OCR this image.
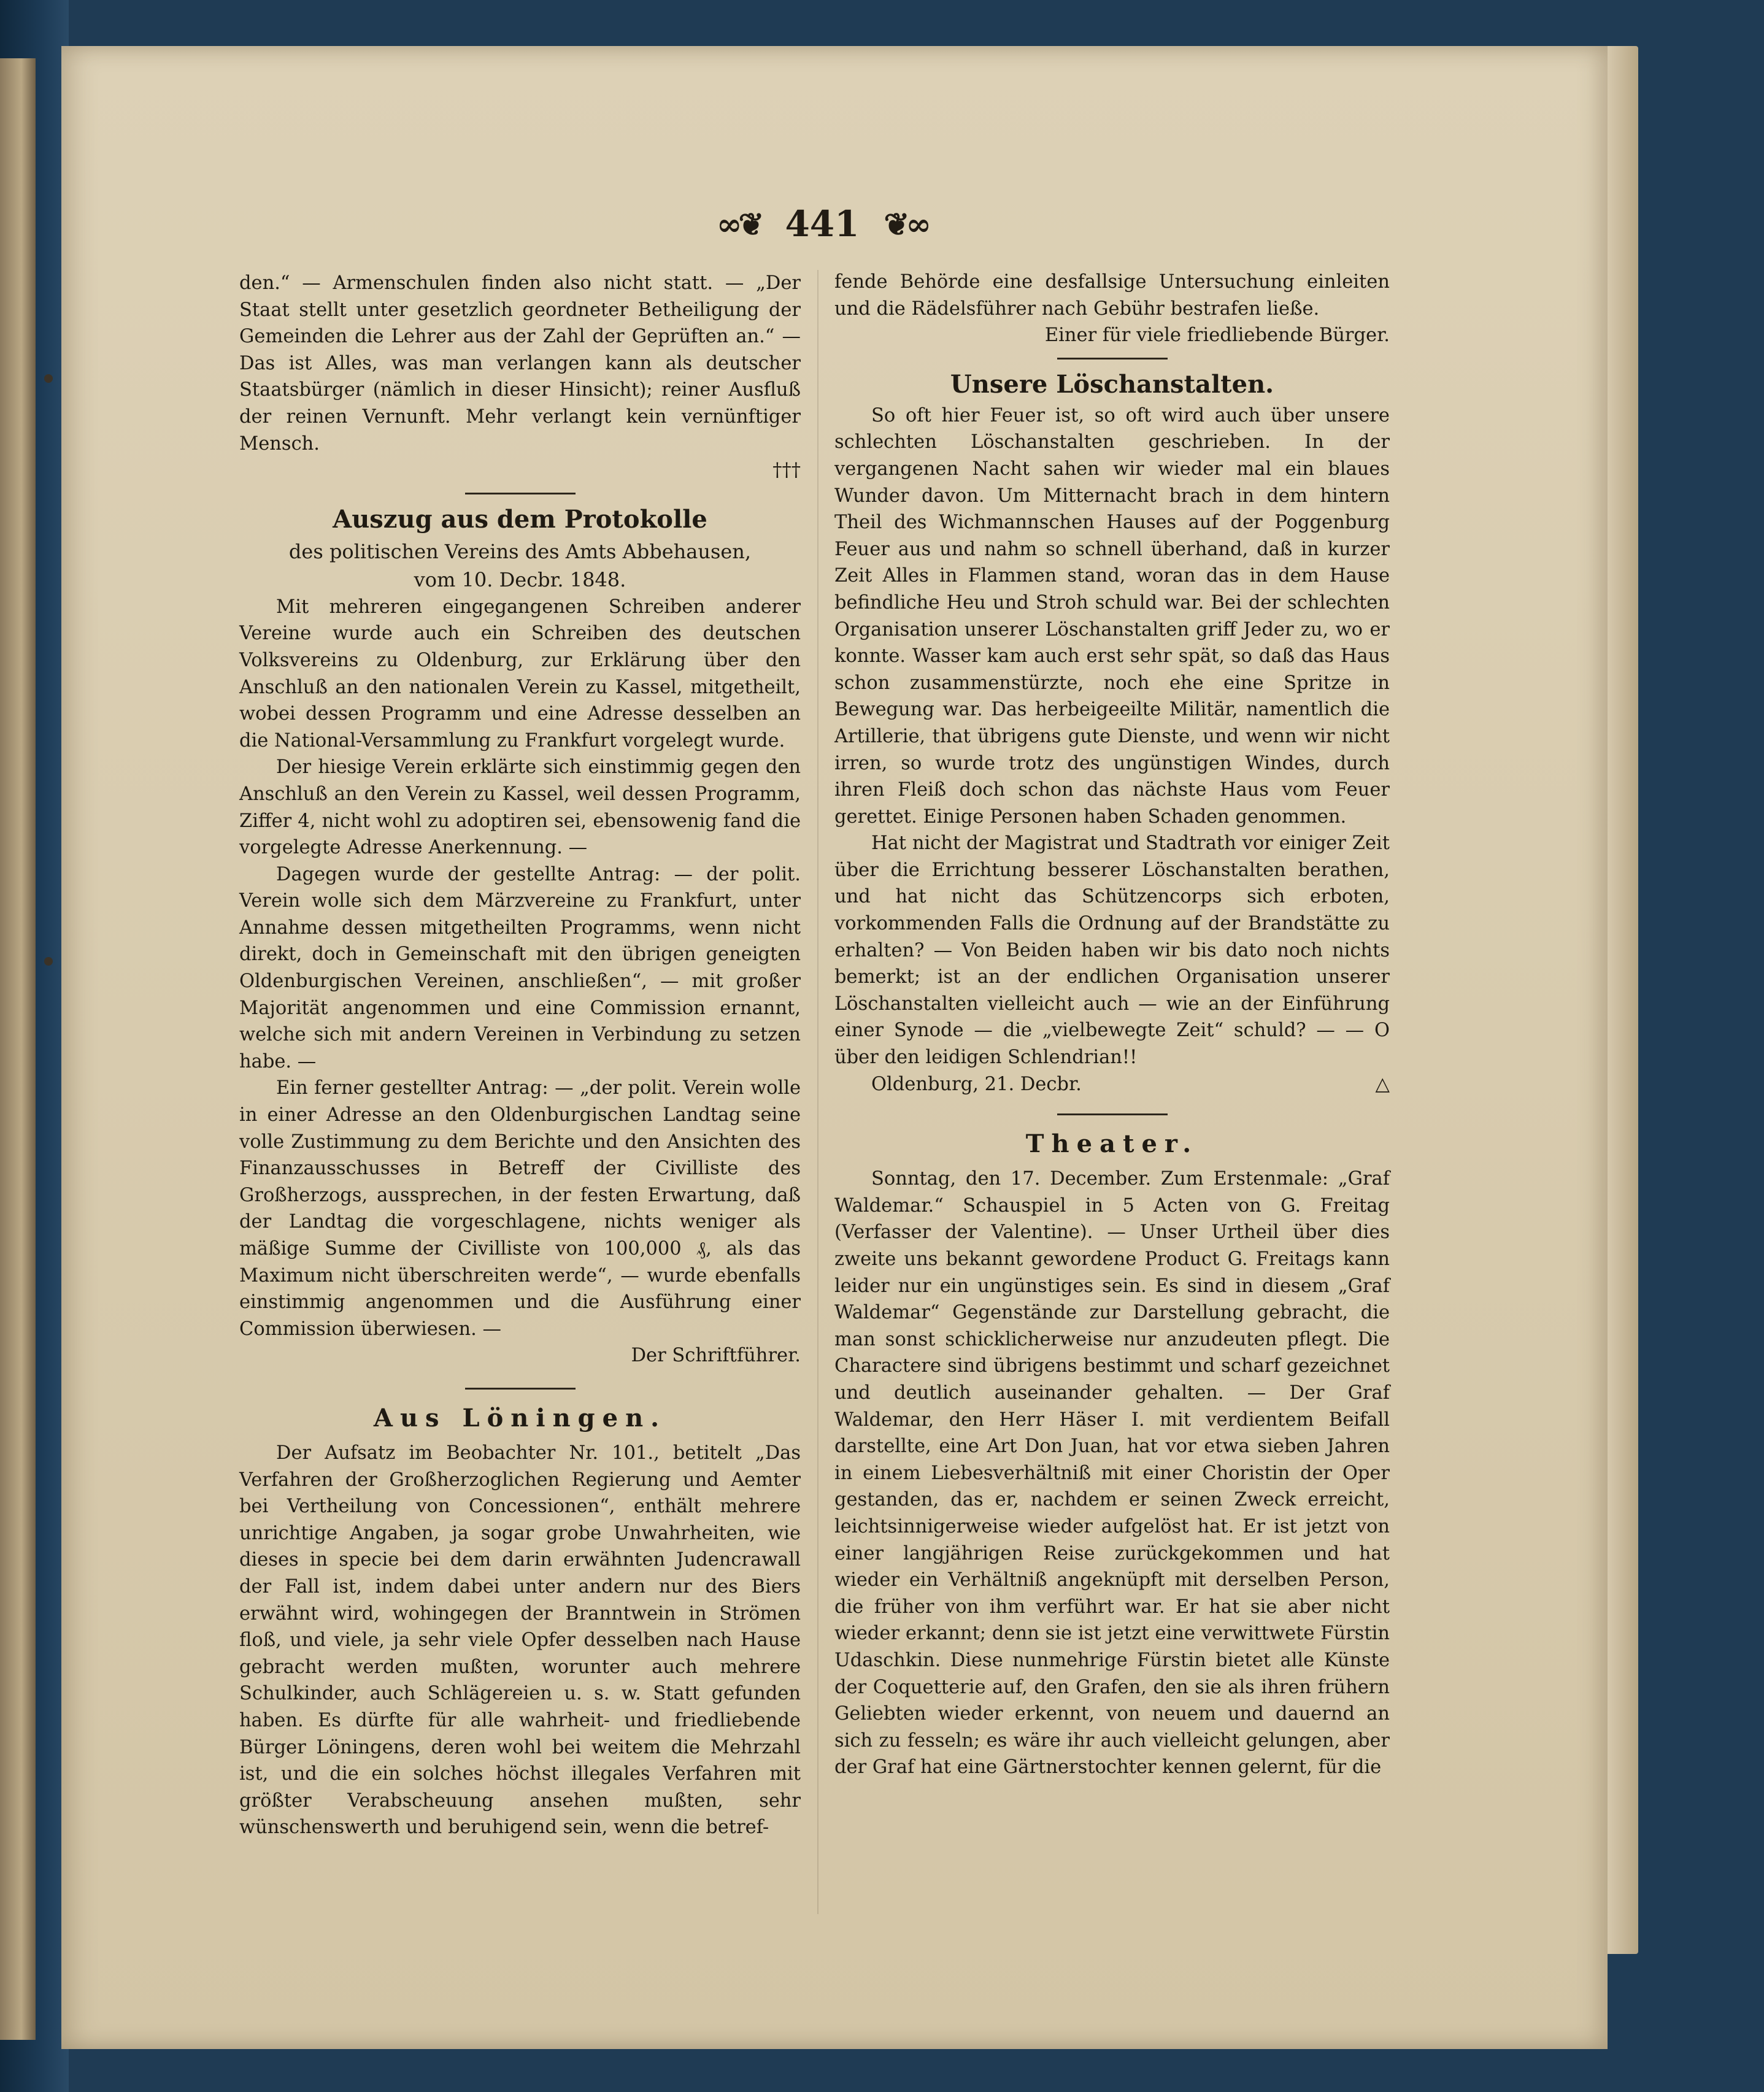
∞❦ 441 ❦∞

den.“ — Armenschulen finden also nicht statt. — „Der Staat stellt unter gesetzlich geordneter Betheiligung der Gemeinden die Lehrer aus der Zahl der Geprüften an.“ — Das ist Alles, was man verlangen kann als deutscher Staatsbürger (nämlich in dieser Hinsicht); reiner Ausfluß der reinen Vernunft. Mehr verlangt kein vernünftiger Mensch.

†††

Auszug aus dem Protokolle

des politischen Vereins des Amts Abbehausen,

vom 10. Decbr. 1848.

Mit mehreren eingegangenen Schreiben anderer Vereine wurde auch ein Schreiben des deutschen Volksvereins zu Oldenburg, zur Erklärung über den Anschluß an den nationalen Verein zu Kassel, mitgetheilt, wobei dessen Programm und eine Adresse desselben an die National-Versammlung zu Frankfurt vorgelegt wurde.

Der hiesige Verein erklärte sich einstimmig gegen den Anschluß an den Verein zu Kassel, weil dessen Programm, Ziffer 4, nicht wohl zu adoptiren sei, ebensowenig fand die vorgelegte Adresse Anerkennung. —

Dagegen wurde der gestellte Antrag: — der polit. Verein wolle sich dem Märzvereine zu Frankfurt, unter Annahme dessen mitgetheilten Programms, wenn nicht direkt, doch in Gemeinschaft mit den übrigen geneigten Oldenburgischen Vereinen, anschließen“, — mit großer Majorität angenommen und eine Commission ernannt, welche sich mit andern Vereinen in Verbindung zu setzen habe. —

Ein ferner gestellter Antrag: — „der polit. Verein wolle in einer Adresse an den Oldenburgischen Landtag seine volle Zustimmung zu dem Berichte und den Ansichten des Finanzausschusses in Betreff der Civilliste des Großherzogs, aussprechen, in der festen Erwartung, daß der Landtag die vorgeschlagene, nichts weniger als mäßige Summe der Civilliste von 100,000 ₰, als das Maximum nicht überschreiten werde“, — wurde ebenfalls einstimmig angenommen und die Ausführung einer Commission überwiesen. —

Der Schriftführer.

Aus Löningen.

Der Aufsatz im Beobachter Nr. 101., betitelt „Das Verfahren der Großherzoglichen Regierung und Aemter bei Vertheilung von Concessionen“, enthält mehrere unrichtige Angaben, ja sogar grobe Unwahrheiten, wie dieses in specie bei dem darin erwähnten Judencrawall der Fall ist, indem dabei unter andern nur des Biers erwähnt wird, wohingegen der Branntwein in Strömen floß, und viele, ja sehr viele Opfer desselben nach Hause gebracht werden mußten, worunter auch mehrere Schulkinder, auch Schlägereien u. s. w. Statt gefunden haben. Es dürfte für alle wahrheit- und friedliebende Bürger Löningens, deren wohl bei weitem die Mehrzahl ist, und die ein solches höchst illegales Verfahren mit größter Verabscheuung ansehen mußten, sehr wünschenswerth und beruhigend sein, wenn die betref-

fende Behörde eine desfallsige Untersuchung einleiten und die Rädelsführer nach Gebühr bestrafen ließe.

Einer für viele friedliebende Bürger.

Unsere Löschanstalten.

So oft hier Feuer ist, so oft wird auch über unsere schlechten Löschanstalten geschrieben. In der vergangenen Nacht sahen wir wieder mal ein blaues Wunder davon. Um Mitternacht brach in dem hintern Theil des Wichmannschen Hauses auf der Poggenburg Feuer aus und nahm so schnell überhand, daß in kurzer Zeit Alles in Flammen stand, woran das in dem Hause befindliche Heu und Stroh schuld war. Bei der schlechten Organisation unserer Löschanstalten griff Jeder zu, wo er konnte. Wasser kam auch erst sehr spät, so daß das Haus schon zusammenstürzte, noch ehe eine Spritze in Bewegung war. Das herbeigeeilte Militär, namentlich die Artillerie, that übrigens gute Dienste, und wenn wir nicht irren, so wurde trotz des ungünstigen Windes, durch ihren Fleiß doch schon das nächste Haus vom Feuer gerettet. Einige Personen haben Schaden genommen.

Hat nicht der Magistrat und Stadtrath vor einiger Zeit über die Errichtung besserer Löschanstalten berathen, und hat nicht das Schützencorps sich erboten, vorkommenden Falls die Ordnung auf der Brandstätte zu erhalten? — Von Beiden haben wir bis dato noch nichts bemerkt; ist an der endlichen Organisation unserer Löschanstalten vielleicht auch — wie an der Einführung einer Synode — die „vielbewegte Zeit“ schuld? — — O über den leidigen Schlendrian!!

Oldenburg, 21. Decbr.	△

Theater.

Sonntag, den 17. December. Zum Erstenmale: „Graf Waldemar.“ Schauspiel in 5 Acten von G. Freitag (Verfasser der Valentine). — Unser Urtheil über dies zweite uns bekannt gewordene Product G. Freitags kann leider nur ein ungünstiges sein. Es sind in diesem „Graf Waldemar“ Gegenstände zur Darstellung gebracht, die man sonst schicklicherweise nur anzudeuten pflegt. Die Charactere sind übrigens bestimmt und scharf gezeichnet und deutlich auseinander gehalten. — Der Graf Waldemar, den Herr Häser I. mit verdientem Beifall darstellte, eine Art Don Juan, hat vor etwa sieben Jahren in einem Liebesverhältniß mit einer Choristin der Oper gestanden, das er, nachdem er seinen Zweck erreicht, leichtsinnigerweise wieder aufgelöst hat. Er ist jetzt von einer langjährigen Reise zurückgekommen und hat wieder ein Verhältniß angeknüpft mit derselben Person, die früher von ihm verführt war. Er hat sie aber nicht wieder erkannt; denn sie ist jetzt eine verwittwete Fürstin Udaschkin. Diese nunmehrige Fürstin bietet alle Künste der Coquetterie auf, den Grafen, den sie als ihren frühern Geliebten wieder erkennt, von neuem und dauernd an sich zu fesseln; es wäre ihr auch vielleicht gelungen, aber der Graf hat eine Gärtnerstochter kennen gelernt, für die
